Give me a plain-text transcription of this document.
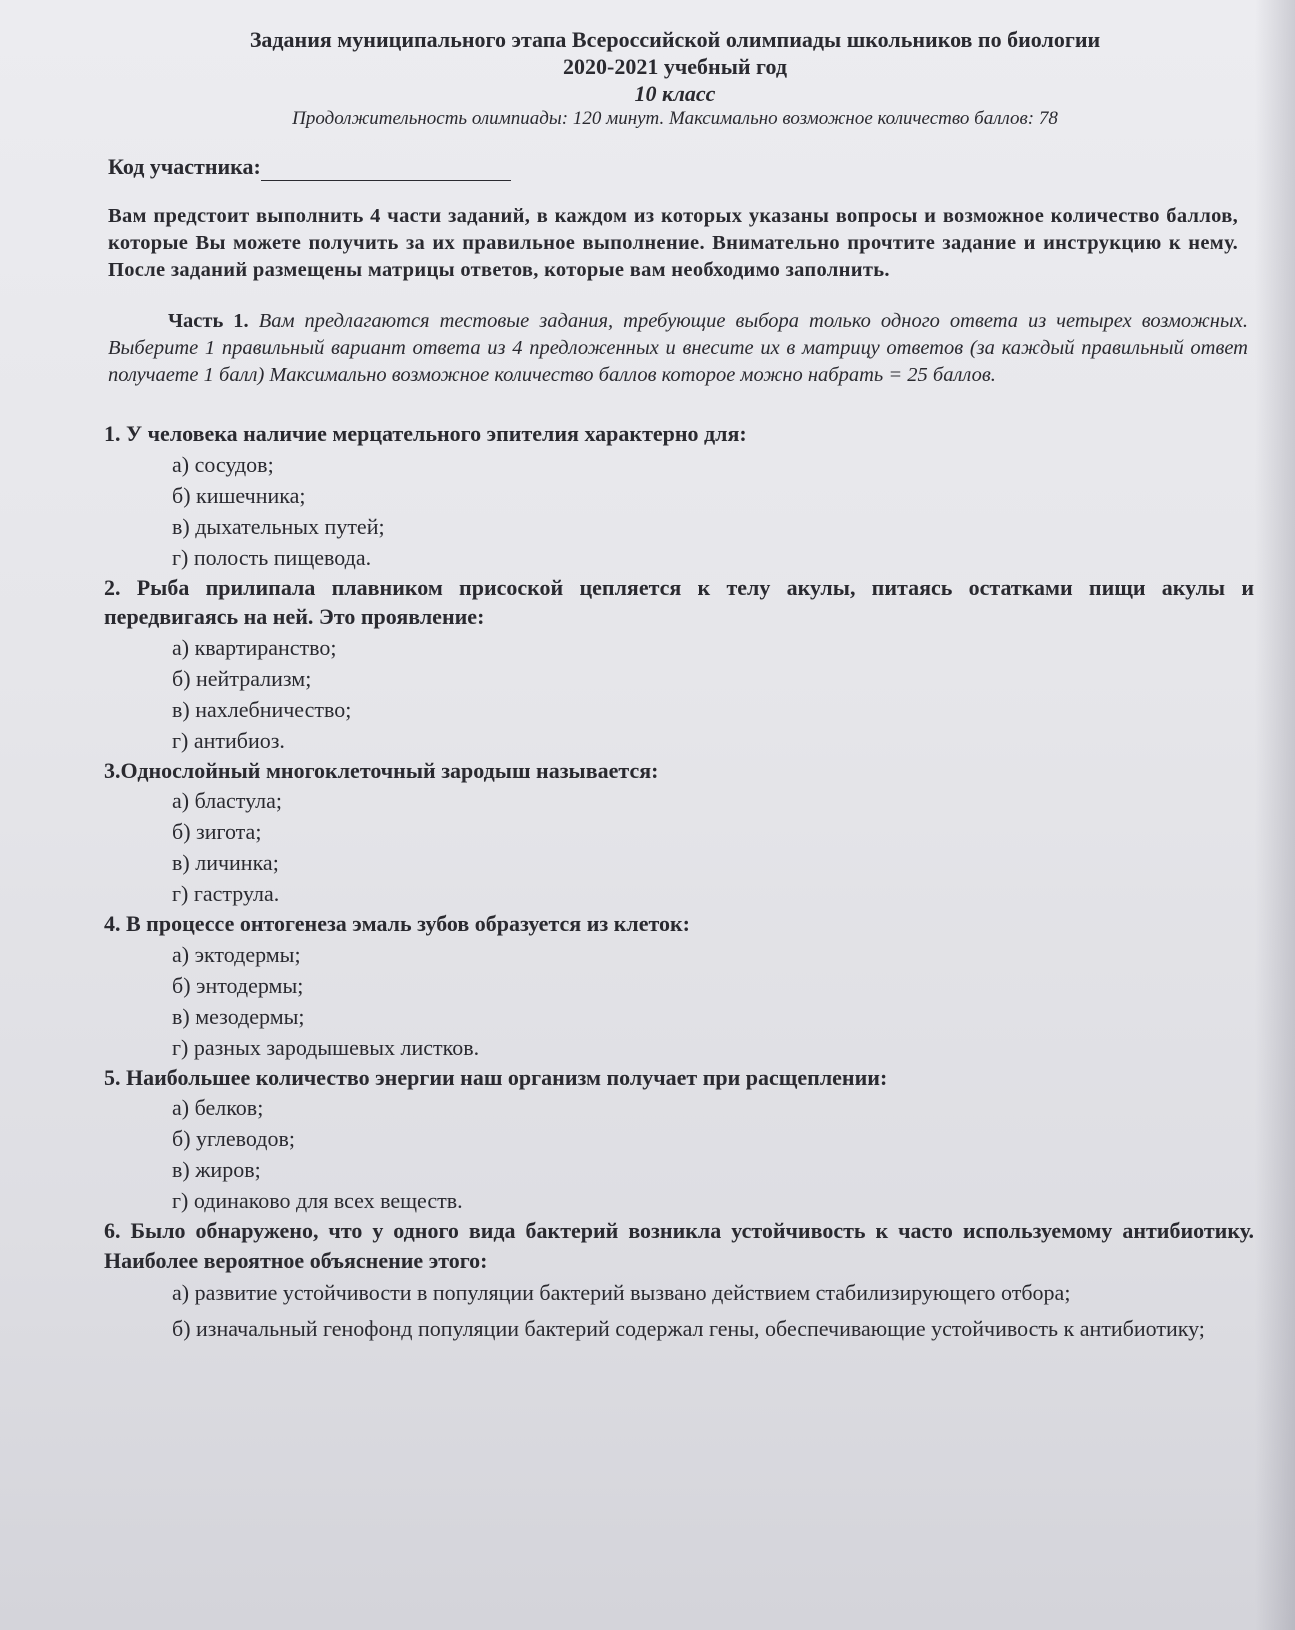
Задания муниципального этапа Всероссийской олимпиады школьников по биологии
2020-2021 учебный год
10 класс
Продолжительность олимпиады: 120 минут. Максимально возможное количество баллов: 78
Код участника:
Вам предстоит выполнить 4 части заданий, в каждом из которых указаны вопросы и возможное количество баллов, которые Вы можете получить за их правильное выполнение. Внимательно прочтите задание и инструкцию к нему. После заданий размещены матрицы ответов, которые вам необходимо заполнить.
Часть 1. Вам предлагаются тестовые задания, требующие выбора только одного ответа из четырех возможных. Выберите 1 правильный вариант ответа из 4 предложенных и внесите их в матрицу ответов (за каждый правильный ответ получаете 1 балл) Максимально возможное количество баллов которое можно набрать = 25 баллов.
1. У человека наличие мерцательного эпителия характерно для:
а) сосудов;
б) кишечника;
в) дыхательных путей;
г) полость пищевода.
2. Рыба прилипала плавником присоской цепляется к телу акулы, питаясь остатками пищи акулы и передвигаясь на ней. Это проявление:
а) квартиранство;
б) нейтрализм;
в) нахлебничество;
г) антибиоз.
3.Однослойный многоклеточный зародыш называется:
а) бластула;
б) зигота;
в) личинка;
г) гаструла.
4. В процессе онтогенеза эмаль зубов образуется из клеток:
а) эктодермы;
б) энтодермы;
в) мезодермы;
г) разных зародышевых листков.
5. Наибольшее количество энергии наш организм получает при расщеплении:
а) белков;
б) углеводов;
в) жиров;
г) одинаково для всех веществ.
6. Было обнаружено, что у одного вида бактерий возникла устойчивость к часто используемому антибиотику. Наиболее вероятное объяснение этого:
а) развитие устойчивости в популяции бактерий вызвано действием стабилизирующего отбора;
б) изначальный генофонд популяции бактерий содержал гены, обеспечивающие устойчивость к антибиотику;
